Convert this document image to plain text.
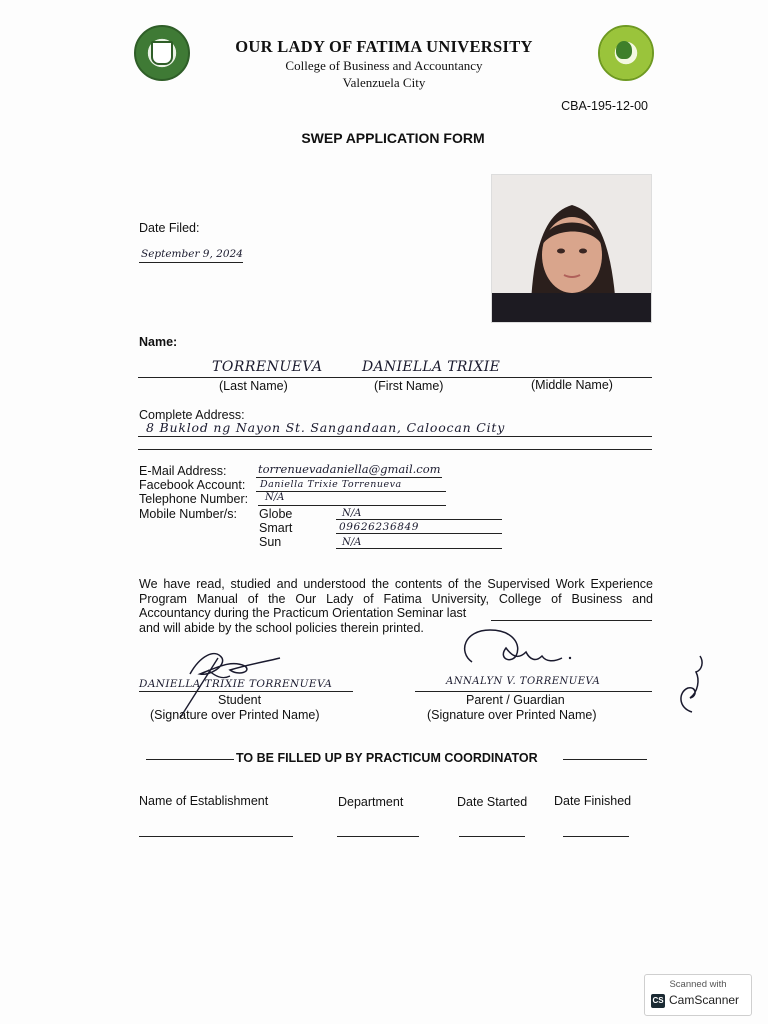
OUR LADY OF FATIMA UNIVERSITY
College of Business and Accountancy
Valenzuela City
CBA-195-12-00
SWEP APPLICATION FORM
Date Filed:
September 9, 2024
Name:
TORRENUEVA	DANIELLA TRIXIE
(Last Name)	(First Name)	(Middle Name)
Complete Address:
8 Buklod ng Nayon St. Sangandaan, Caloocan City
E-Mail Address:	torrenuevadaniella@gmail.com
Facebook Account: Daniella Trixie Torrenueva
Telephone Number: N/A
Mobile Number/s: Globe	N/A
Smart	09626236849
Sun	N/A
We have read, studied and understood the contents of the Supervised Work Experience
Program Manual of the Our Lady of Fatima University, College of Business and
Accountancy during the Practicum Orientation Seminar last
and will abide by the school policies therein printed.
DANIELLA TRIXIE TORRENUEVA
Student
(Signature over Printed Name)
ANNALYN V. TORRENUEVA
Parent / Guardian
(Signature over Printed Name)
TO BE FILLED UP BY PRACTICUM COORDINATOR
Name of Establishment	Department	Date Started Date Finished
Scanned with
CS CamScanner
